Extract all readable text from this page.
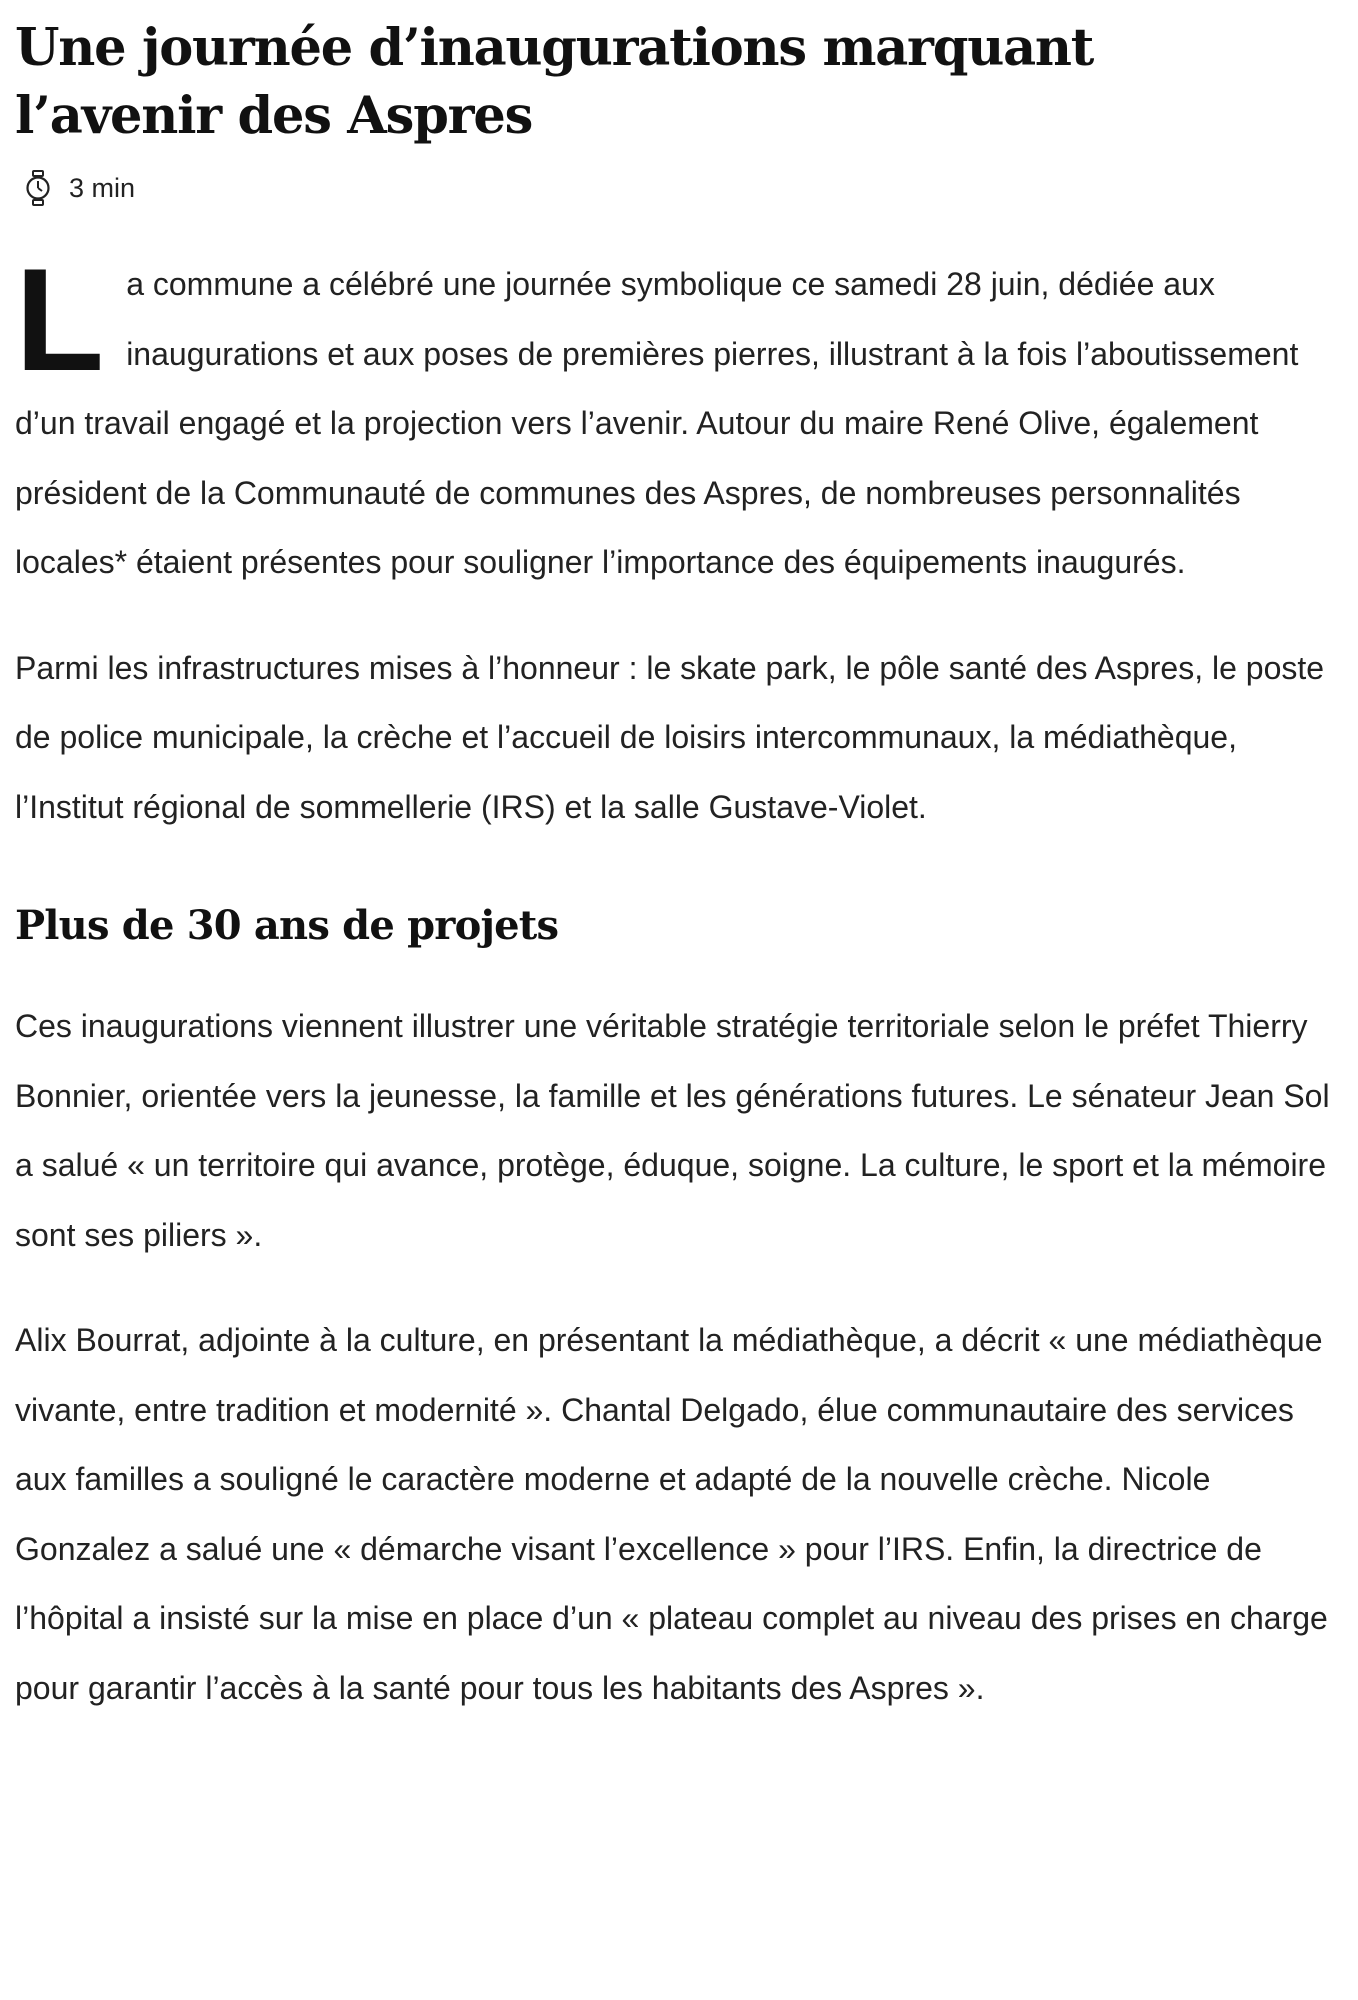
Une journée d’inaugurations marquant l’avenir des Aspres
3 min

L a commune a célébré une journée symbolique ce samedi 28 juin, dédiée aux inaugurations et aux poses de premières pierres, illustrant à la fois l’aboutissement d’un travail engagé et la projection vers l’avenir. Autour du maire René Olive, également président de la Communauté de communes des Aspres, de nombreuses personnalités locales* étaient présentes pour souligner l’importance des équipements inaugurés.

Parmi les infrastructures mises à l’honneur : le skate park, le pôle santé des Aspres, le poste de police municipale, la crèche et l’accueil de loisirs intercommunaux, la médiathèque, l’Institut régional de sommellerie (IRS) et la salle Gustave-Violet.

Plus de 30 ans de projets

Ces inaugurations viennent illustrer une véritable stratégie territoriale selon le préfet Thierry Bonnier, orientée vers la jeunesse, la famille et les générations futures. Le sénateur Jean Sol a salué « un territoire qui avance, protège, éduque, soigne. La culture, le sport et la mémoire sont ses piliers ».

Alix Bourrat, adjointe à la culture, en présentant la médiathèque, a décrit « une médiathèque vivante, entre tradition et modernité ». Chantal Delgado, élue communautaire des services aux familles a souligné le caractère moderne et adapté de la nouvelle crèche. Nicole Gonzalez a salué une « démarche visant l’excellence » pour l’IRS. Enfin, la directrice de l’hôpital a insisté sur la mise en place d’un « plateau complet au niveau des prises en charge pour garantir l’accès à la santé pour tous les habitants des Aspres ».
